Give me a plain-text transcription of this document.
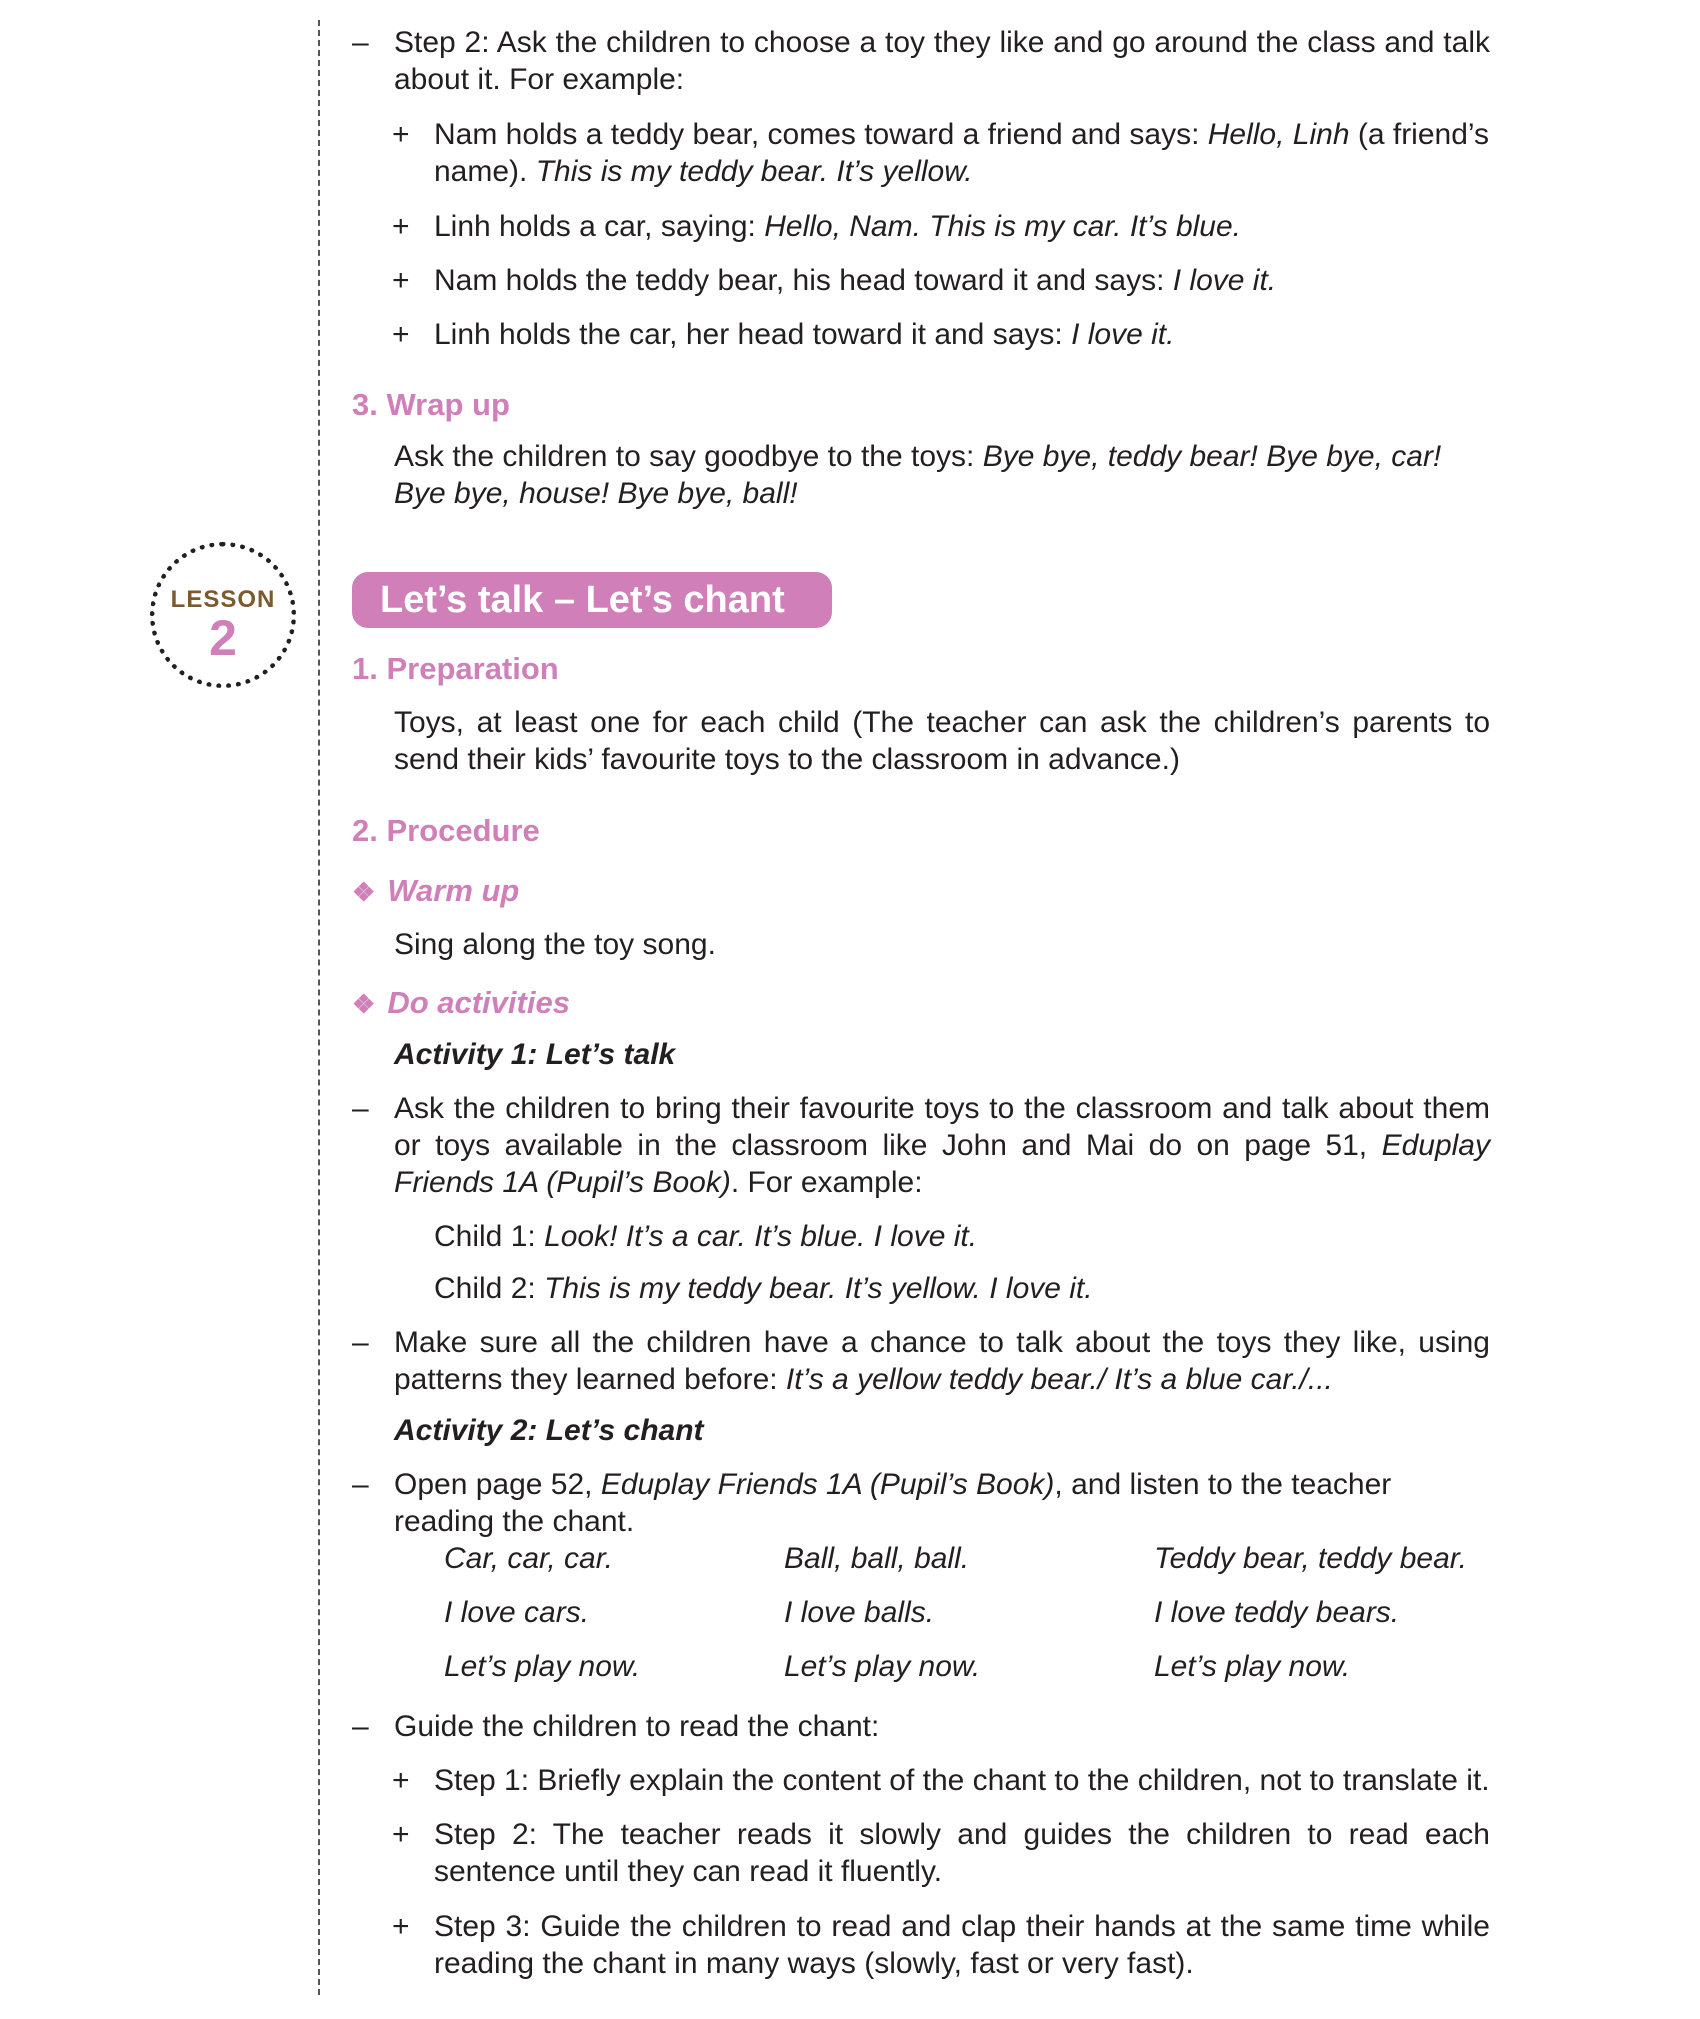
– Step 2: Ask the children to choose a toy they like and go around the class and talk about it. For example:
+ Nam holds a teddy bear, comes toward a friend and says: Hello, Linh (a friend’s name). This is my teddy bear. It’s yellow.
+ Linh holds a car, saying: Hello, Nam. This is my car. It’s blue.
+ Nam holds the teddy bear, his head toward it and says: I love it.
+ Linh holds the car, her head toward it and says: I love it.
3. Wrap up
Ask the children to say goodbye to the toys: Bye bye, teddy bear! Bye bye, car! Bye bye, house! Bye bye, ball!
LESSON
2
Let’s talk – Let’s chant
1. Preparation
Toys, at least one for each child (The teacher can ask the children’s parents to send their kids’ favourite toys to the classroom in advance.)
2. Procedure
❖ Warm up
Sing along the toy song.
❖ Do activities
Activity 1: Let’s talk
– Ask the children to bring their favourite toys to the classroom and talk about them or toys available in the classroom like John and Mai do on page 51, Eduplay Friends 1A (Pupil’s Book). For example:
Child 1: Look! It’s a car. It’s blue. I love it.
Child 2: This is my teddy bear. It’s yellow. I love it.
– Make sure all the children have a chance to talk about the toys they like, using patterns they learned before: It’s a yellow teddy bear./ It’s a blue car./...
Activity 2: Let’s chant
– Open page 52, Eduplay Friends 1A (Pupil’s Book), and listen to the teacher reading the chant.
Car, car, car.	Ball, ball, ball.	Teddy bear, teddy bear.
I love cars.	I love balls.	I love teddy bears.
Let’s play now.	Let’s play now.	Let’s play now.
– Guide the children to read the chant:
+ Step 1: Briefly explain the content of the chant to the children, not to translate it.
+ Step 2: The teacher reads it slowly and guides the children to read each sentence until they can read it fluently.
+ Step 3: Guide the children to read and clap their hands at the same time while reading the chant in many ways (slowly, fast or very fast).
